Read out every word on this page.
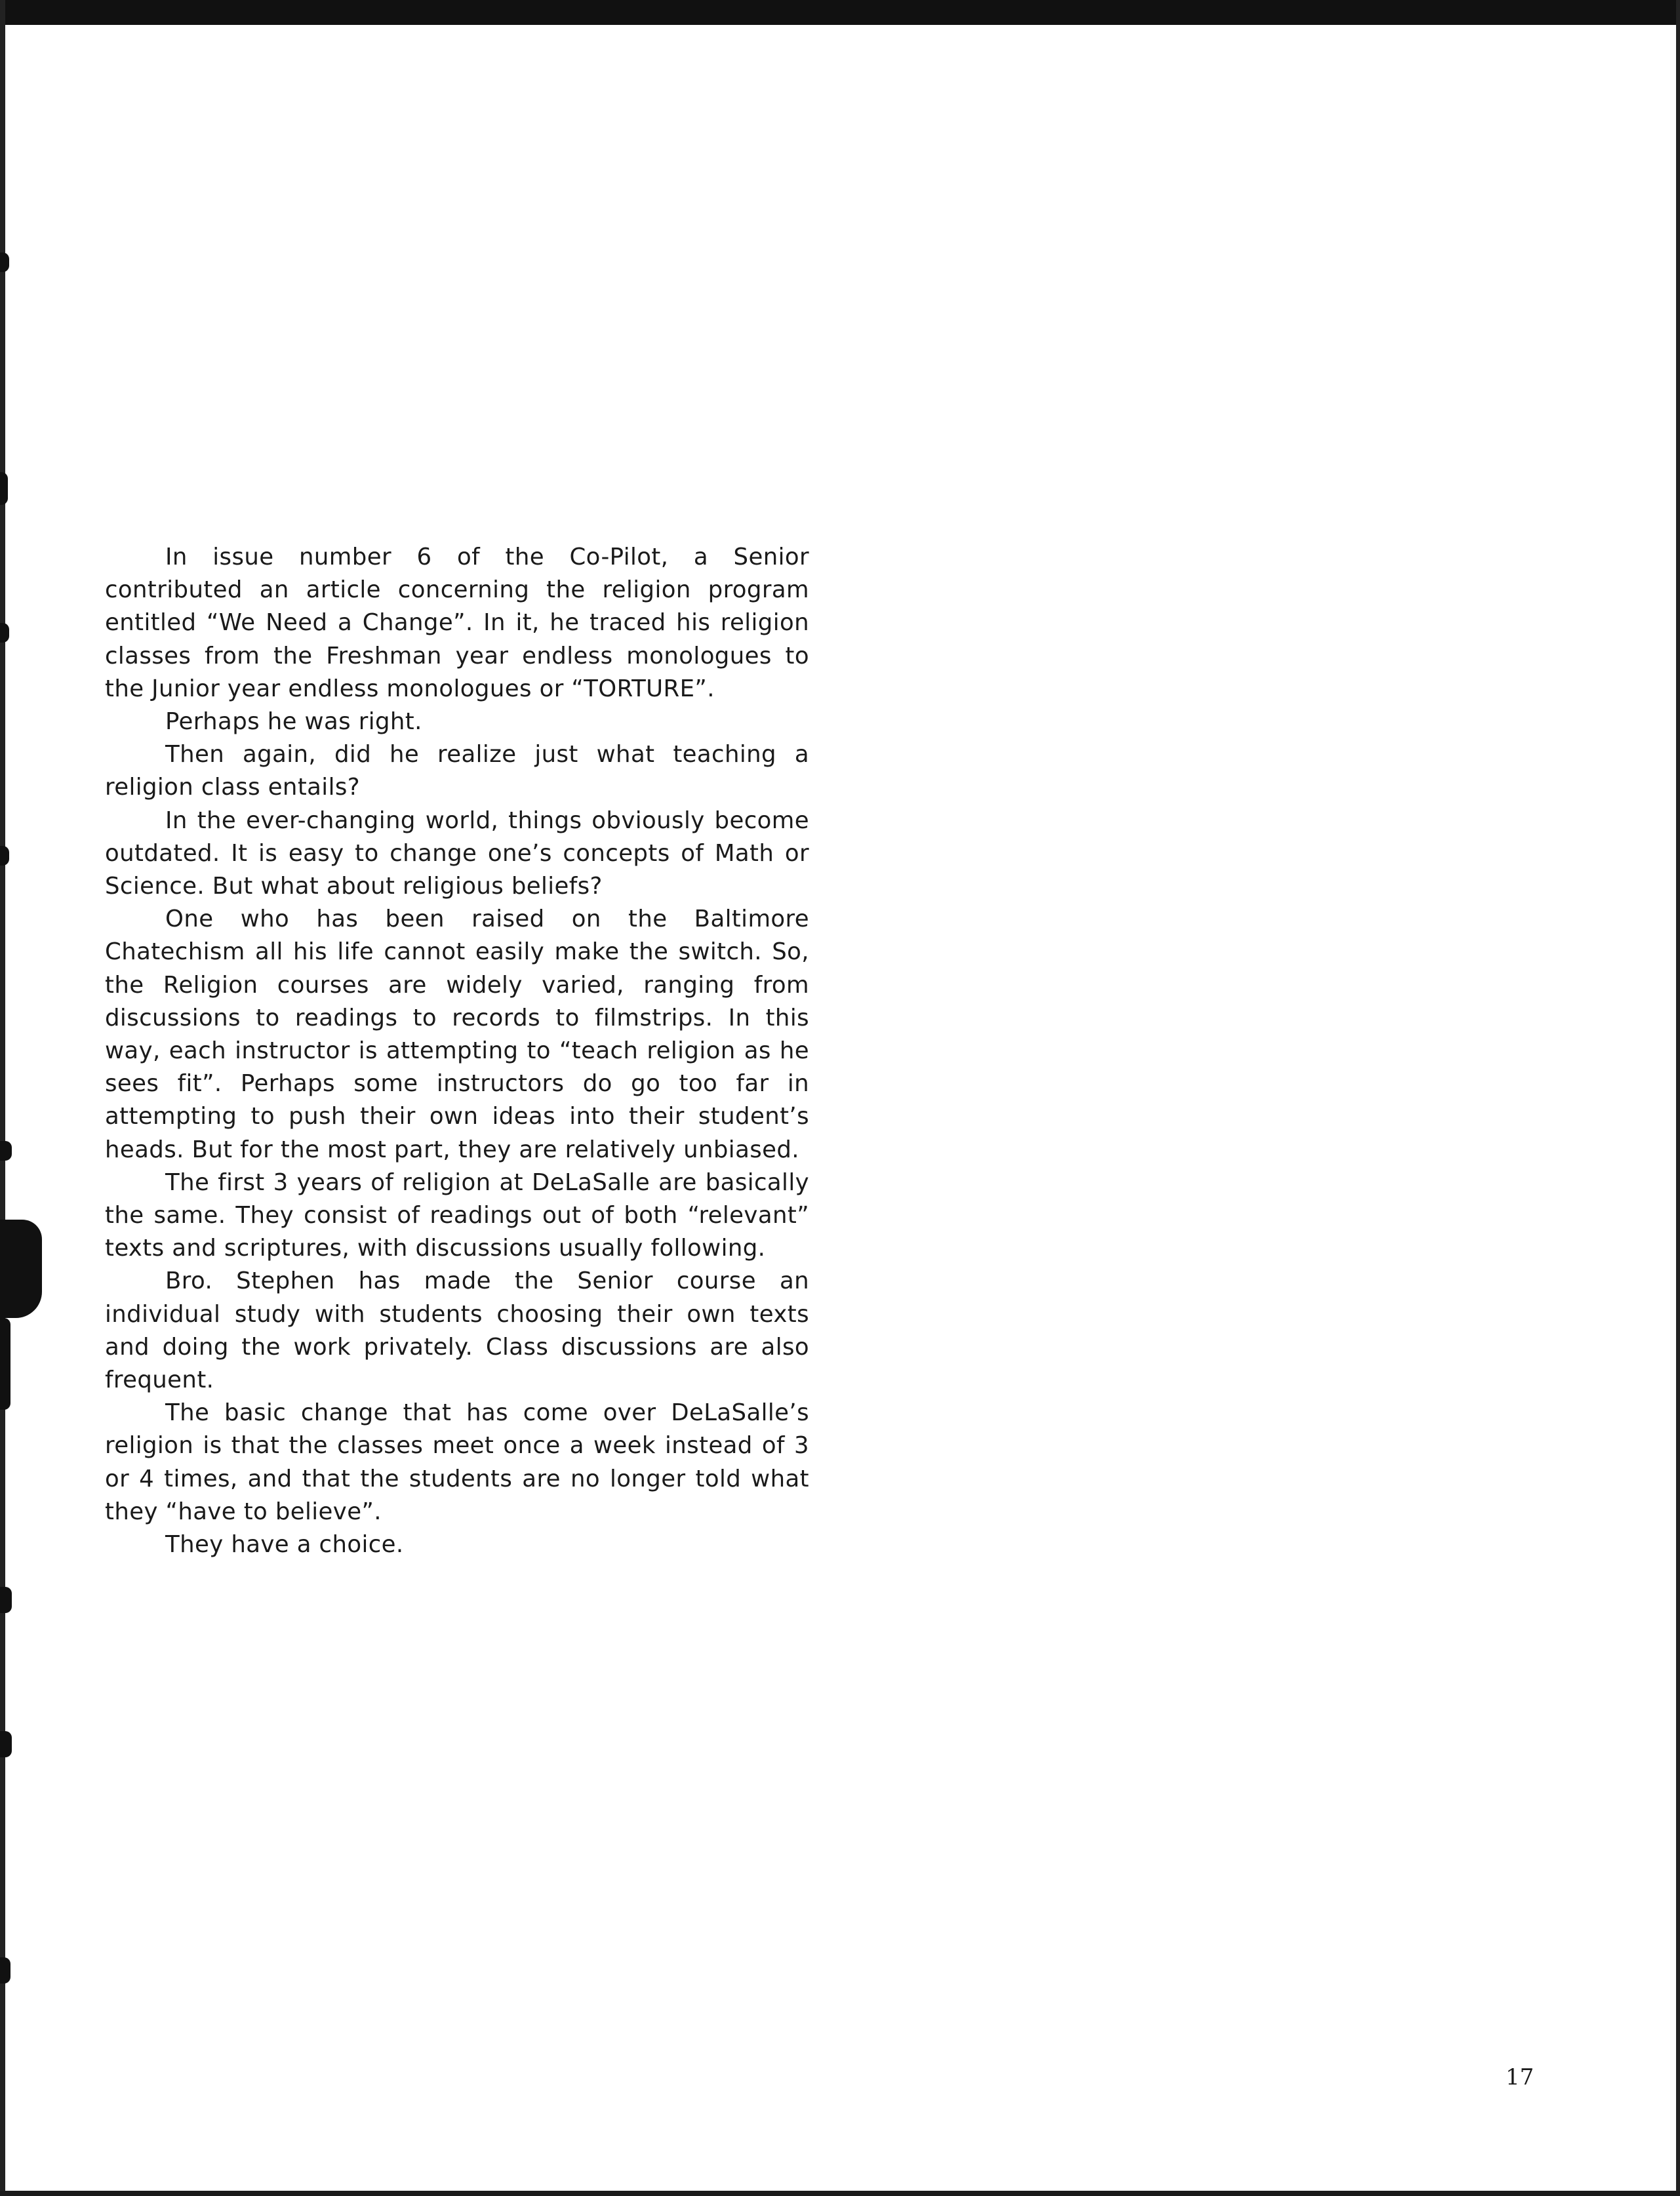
In issue number 6 of the Co-Pilot, a Senior contributed an article concerning the religion program entitled “We Need a Change”. In it, he traced his religion classes from the Freshman year endless monologues to the Junior year endless monologues or “TORTURE”.

Perhaps he was right.

Then again, did he realize just what teaching a religion class entails?

In the ever-changing world, things obviously become outdated. It is easy to change one’s concepts of Math or Science. But what about religious beliefs?

One who has been raised on the Baltimore Chatechism all his life cannot easily make the switch. So, the Religion courses are widely varied, ranging from discussions to readings to records to filmstrips. In this way, each instructor is attempting to “teach religion as he sees fit”. Perhaps some instructors do go too far in attempting to push their own ideas into their student’s heads. But for the most part, they are relatively unbiased.

The first 3 years of religion at DeLaSalle are basically the same. They consist of readings out of both “relevant” texts and scriptures, with discussions usually following.

Bro. Stephen has made the Senior course an individual study with students choosing their own texts and doing the work privately. Class discussions are also frequent.

The basic change that has come over DeLaSalle’s religion is that the classes meet once a week instead of 3 or 4 times, and that the students are no longer told what they “have to believe”.

They have a choice.

17
